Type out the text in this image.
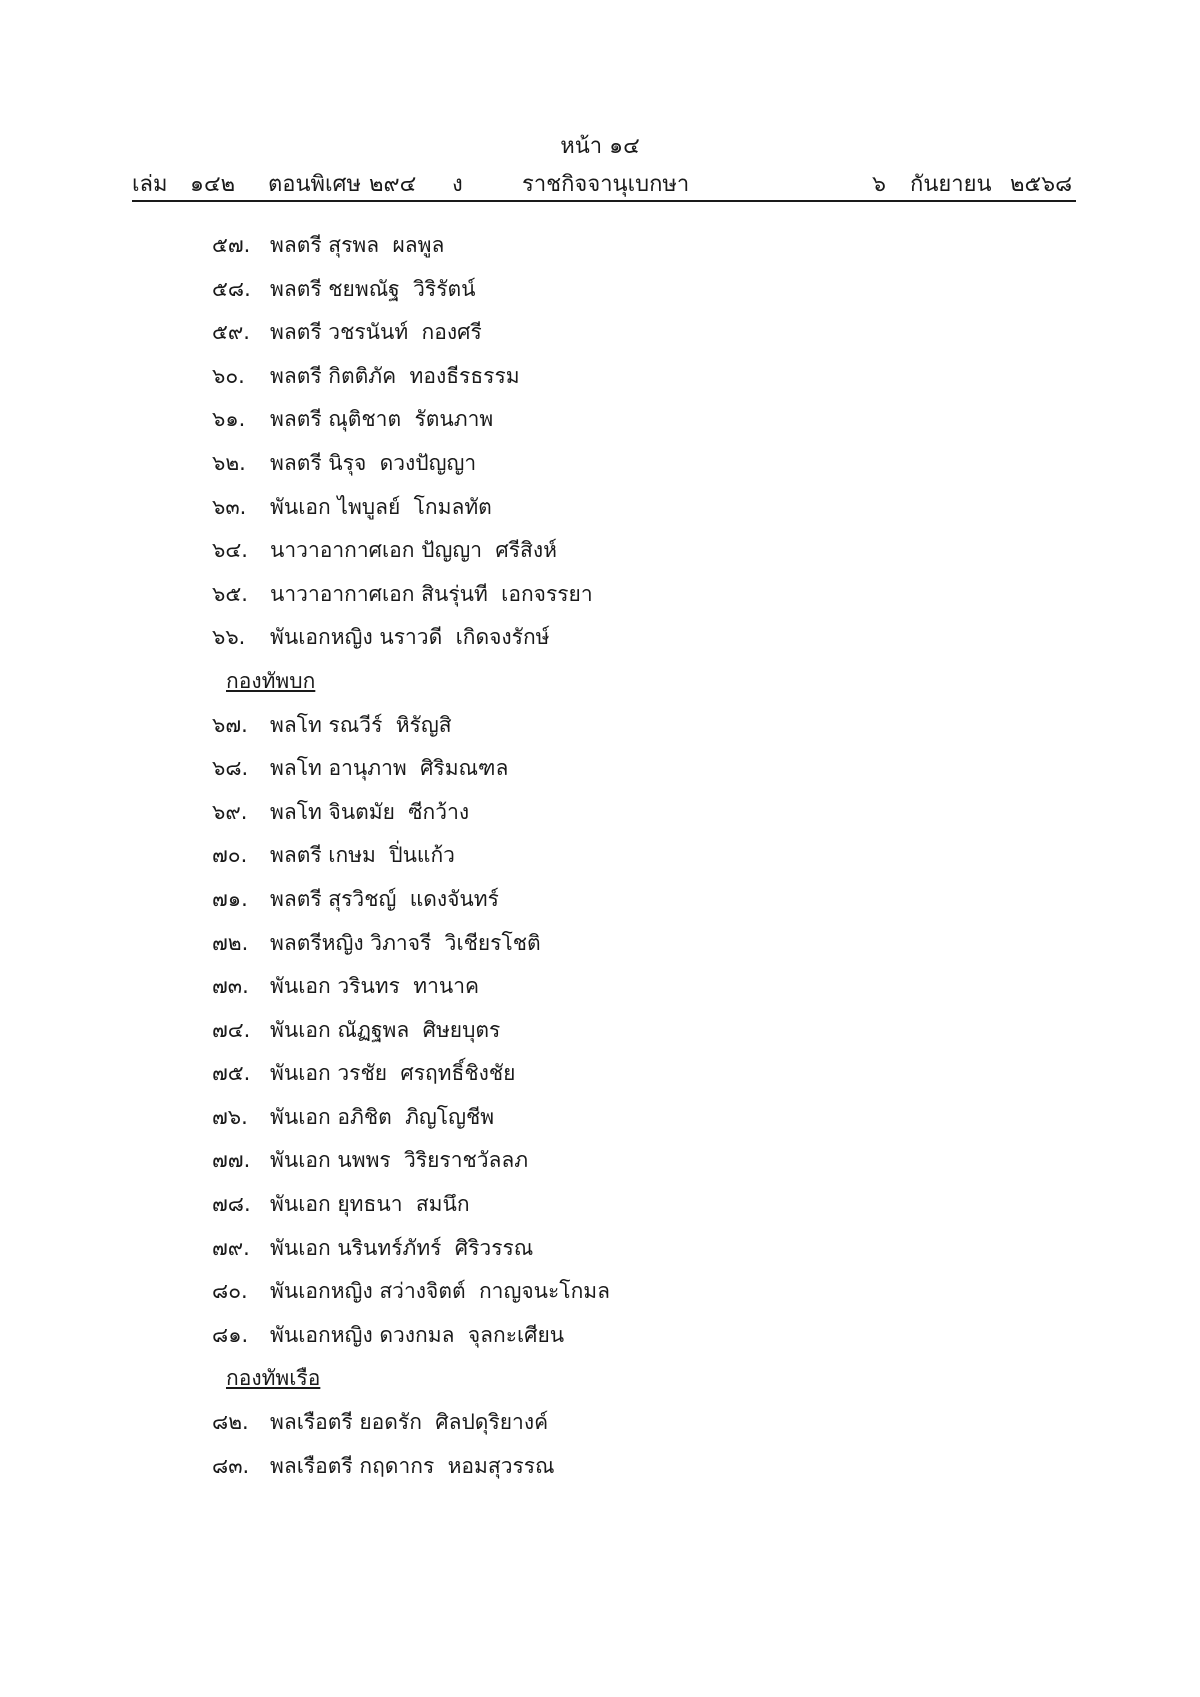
หน้า ๑๔
เล่ม ๑๔๒ ตอนพิเศษ ๒๙๔ ง	ราชกิจจานุเบกษา	๖ กันยายน ๒๕๖๘
๕๗. พลตรี สุรพล  ผลพูล
๕๘. พลตรี ชยพณัฐ  วิริรัตน์
๕๙. พลตรี วชรนันท์  กองศรี
๖๐. พลตรี กิตติภัค  ทองธีรธรรม
๖๑. พลตรี ณุติชาต  รัตนภาพ
๖๒. พลตรี นิรุจ  ดวงปัญญา
๖๓. พันเอก ไพบูลย์  โกมลทัต
๖๔. นาวาอากาศเอก ปัญญา  ศรีสิงห์
๖๕. นาวาอากาศเอก สินรุ่นที  เอกจรรยา
๖๖. พันเอกหญิง นราวดี  เกิดจงรักษ์
กองทัพบก
๖๗. พลโท รณวีร์  หิรัญสิ
๖๘. พลโท อานุภาพ  ศิริมณฑล
๖๙. พลโท จินตมัย  ซีกว้าง
๗๐. พลตรี เกษม  ปิ่นแก้ว
๗๑. พลตรี สุรวิชญ์  แดงจันทร์
๗๒. พลตรีหญิง วิภาจรี  วิเชียรโชติ
๗๓. พันเอก วรินทร  ทานาค
๗๔. พันเอก ณัฏฐพล  ศิษยบุตร
๗๕. พันเอก วรชัย  ศรฤทธิ์ชิงชัย
๗๖. พันเอก อภิชิต  ภิญโญชีพ
๗๗. พันเอก นพพร  วิริยราชวัลลภ
๗๘. พันเอก ยุทธนา  สมนึก
๗๙. พันเอก นรินทร์ภัทร์  ศิริวรรณ
๘๐. พันเอกหญิง สว่างจิตต์  กาญจนะโกมล
๘๑. พันเอกหญิง ดวงกมล  จุลกะเศียน
กองทัพเรือ
๘๒. พลเรือตรี ยอดรัก  ศิลปดุริยางค์
๘๓. พลเรือตรี กฤดากร  หอมสุวรรณ
